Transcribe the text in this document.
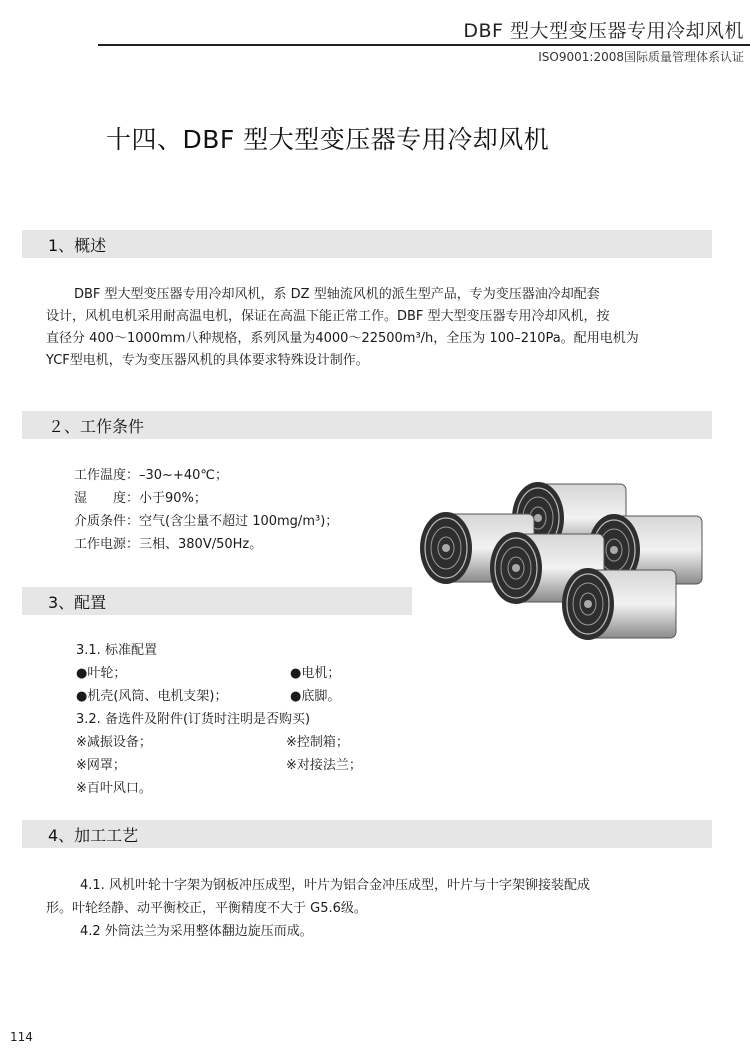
DBF 型大型变压器专用冷却风机
ISO9001:2008国际质量管理体系认证
十四、DBF 型大型变压器专用冷却风机
1、概述
DBF 型大型变压器专用冷却风机，系 DZ 型轴流风机的派生型产品，专为变压器油冷却配套
设计，风机电机采用耐高温电机，保证在高温下能正常工作。DBF 型大型变压器专用冷却风机，按
直径分 400～1000mm八种规格，系列风量为4000～22500m³/h，全压为 100–210Pa。配用电机为
YCF型电机，专为变压器风机的具体要求特殊设计制作。
２、工作条件
工作温度：–30~+40℃；
湿　　度：小于90%；
介质条件：空气(含尘量不超过 100mg/m³)；
工作电源：三相、380V/50Hz。
3、配置
3.1. 标准配置
●叶轮；	●电机；
●机壳(风筒、电机支架)；	●底脚。
3.2. 备选件及附件(订货时注明是否购买)
※减振设备；	※控制箱；
※网罩；	※对接法兰；
※百叶风口。
4、加工工艺
4.1. 风机叶轮十字架为钢板冲压成型，叶片为铝合金冲压成型，叶片与十字架铆接装配成
形。叶轮经静、动平衡校正，平衡精度不大于 G5.6级。
4.2 外筒法兰为采用整体翻边旋压而成。
114
